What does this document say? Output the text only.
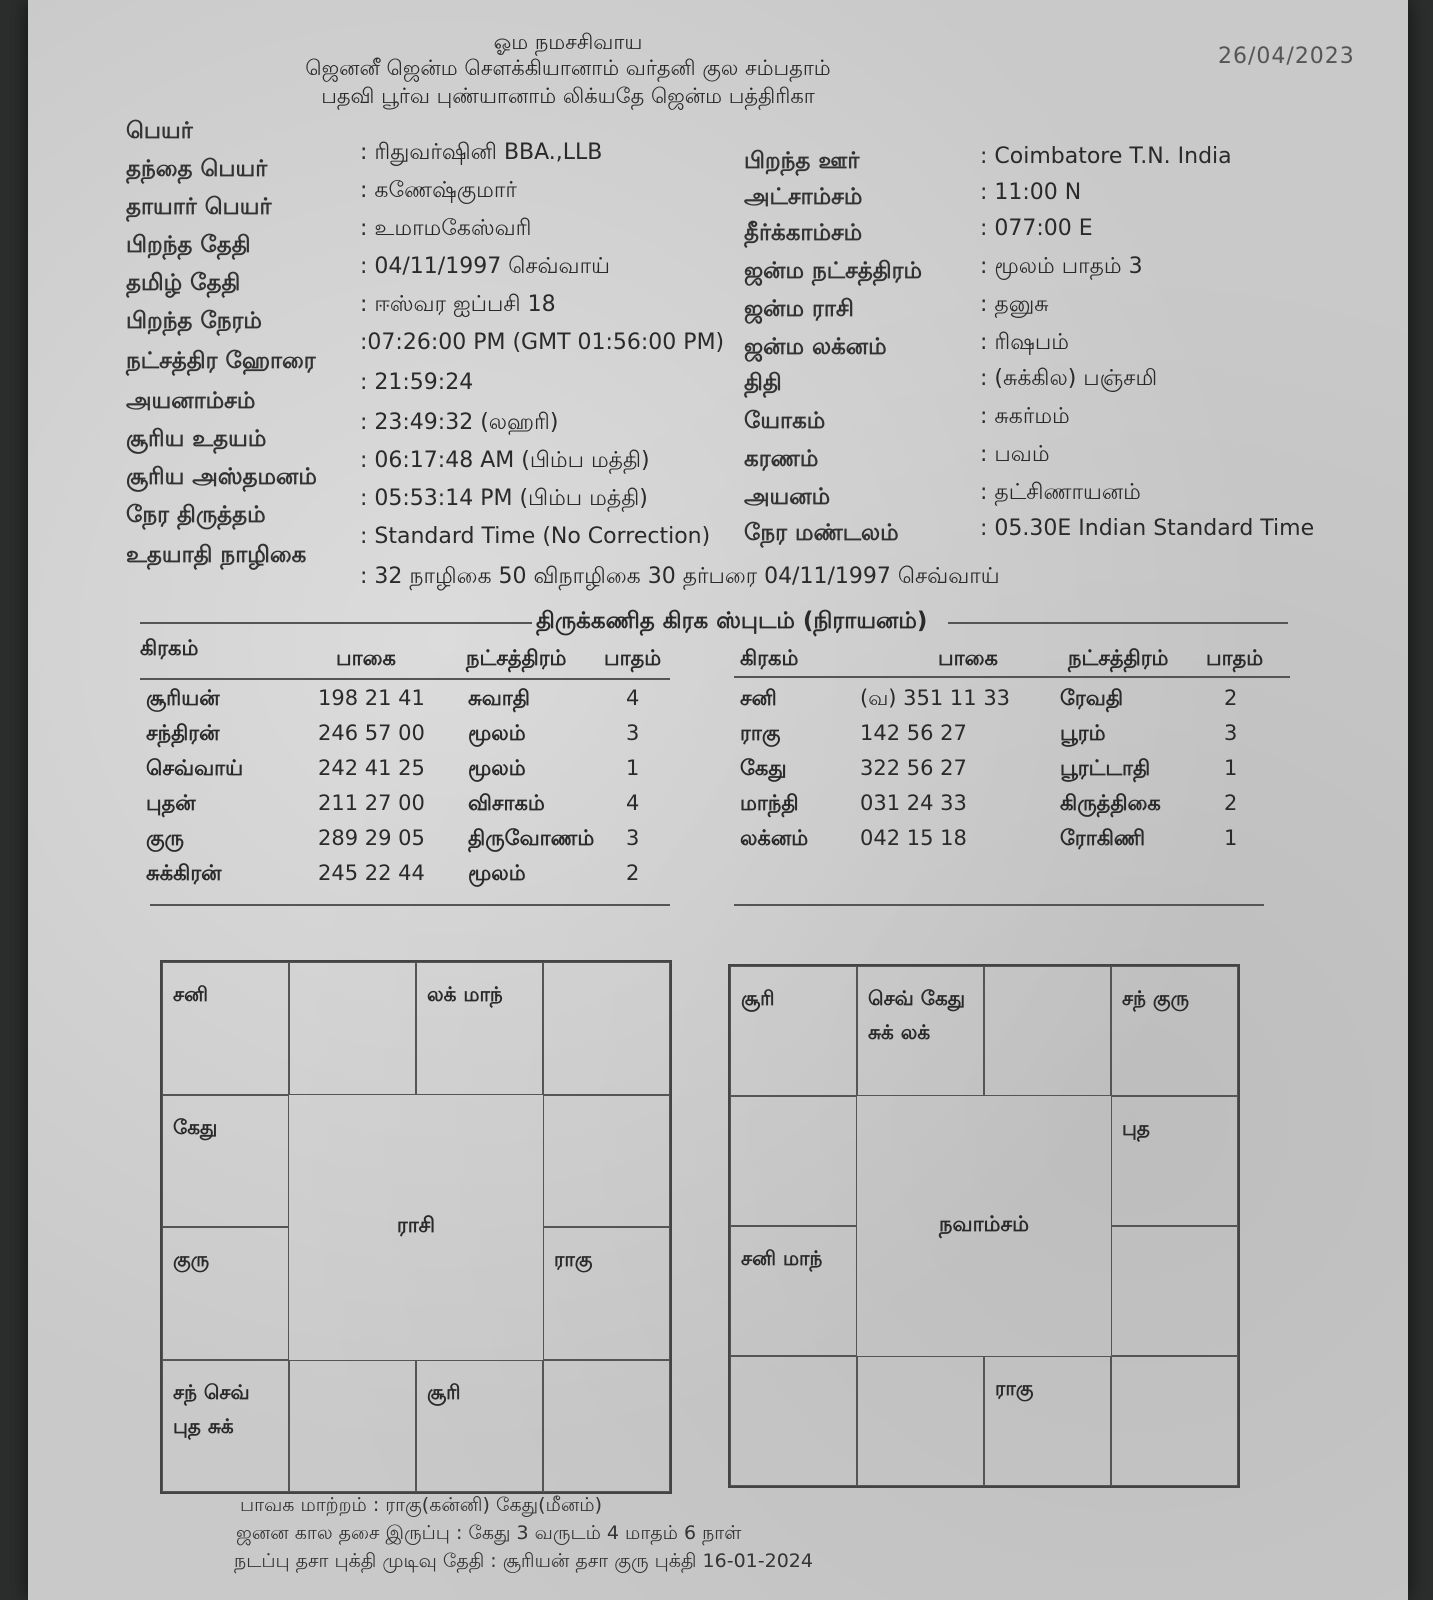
ஓம நமசசிவாய
ஜெனனீ ஜென்ம செளக்கியானாம் வர்தனி குல சம்பதாம்
பதவி பூர்வ புண்யானாம் லிக்யதே ஜென்ம பத்திரிகா
26/04/2023
பெயர்
: ரிதுவர்ஷினி BBA.,LLB
தந்தை பெயர்
: கணேஷ்குமார்
தாயார் பெயர்
: உமாமகேஸ்வரி
பிறந்த தேதி
: 04/11/1997 செவ்வாய்
தமிழ் தேதி
: ஈஸ்வர ஐப்பசி 18
பிறந்த நேரம்
:07:26:00 PM (GMT 01:56:00 PM)
நட்சத்திர ஹோரை
: 21:59:24
அயனாம்சம்
: 23:49:32 (லஹரி)
சூரிய உதயம்
: 06:17:48 AM (பிம்ப மத்தி)
சூரிய அஸ்தமனம்
: 05:53:14 PM (பிம்ப மத்தி)
நேர திருத்தம்
: Standard Time (No Correction)
உதயாதி நாழிகை
: 32 நாழிகை 50 விநாழிகை 30 தர்பரை 04/11/1997 செவ்வாய்
பிறந்த ஊர்	: Coimbatore T.N. India
அட்சாம்சம்	: 11:00 N
தீர்க்காம்சம்	: 077:00 E
ஜன்ம நட்சத்திரம்	: மூலம் பாதம் 3
ஜன்ம ராசி	: தனுசு
ஜன்ம லக்னம்	: ரிஷபம்
திதி	: (சுக்கில) பஞ்சமி
யோகம்	: சுகர்மம்
கரணம்	: பவம்
அயனம்	: தட்சிணாயனம்
நேர மண்டலம்	: 05.30E Indian Standard Time
திருக்கணித கிரக ஸ்புடம் (நிராயனம்)
கிரகம்	பாகை	நட்சத்திரம் பாதம்	கிரகம்	பாகை	நட்சத்திரம் பாதம்
சூரியன்	198 21 41 சுவாதி	4
சந்திரன்	246 57 00 மூலம்	3
செவ்வாய்	242 41 25 மூலம்	1
புதன்	211 27 00 விசாகம்	4
குரு	289 29 05 திருவோணம் 3
சுக்கிரன்	245 22 44 மூலம்	2
சனி	(வ) 351 11 33 ரேவதி	2
ராகு	142 56 27	பூரம்	3
கேது	322 56 27	பூரட்டாதி	1
மாந்தி	031 24 33	கிருத்திகை	2
லக்னம் 042 15 18	ரோகிணி	1
சனி	லக் மாந்
கேது
குரு	ராகு
சந் செவ் புத சுக்
சூரி
ராசி
சூரி	செவ் கேது சுக் லக்
சந் குரு
புத
சனி மாந்
ராகு
நவாம்சம்
பாவக மாற்றம் : ராகு(கன்னி) கேது(மீனம்)
ஜனன கால தசை இருப்பு : கேது 3 வருடம் 4 மாதம் 6 நாள்
நடப்பு தசா புக்தி முடிவு தேதி : சூரியன் தசா குரு புக்தி 16-01-2024
